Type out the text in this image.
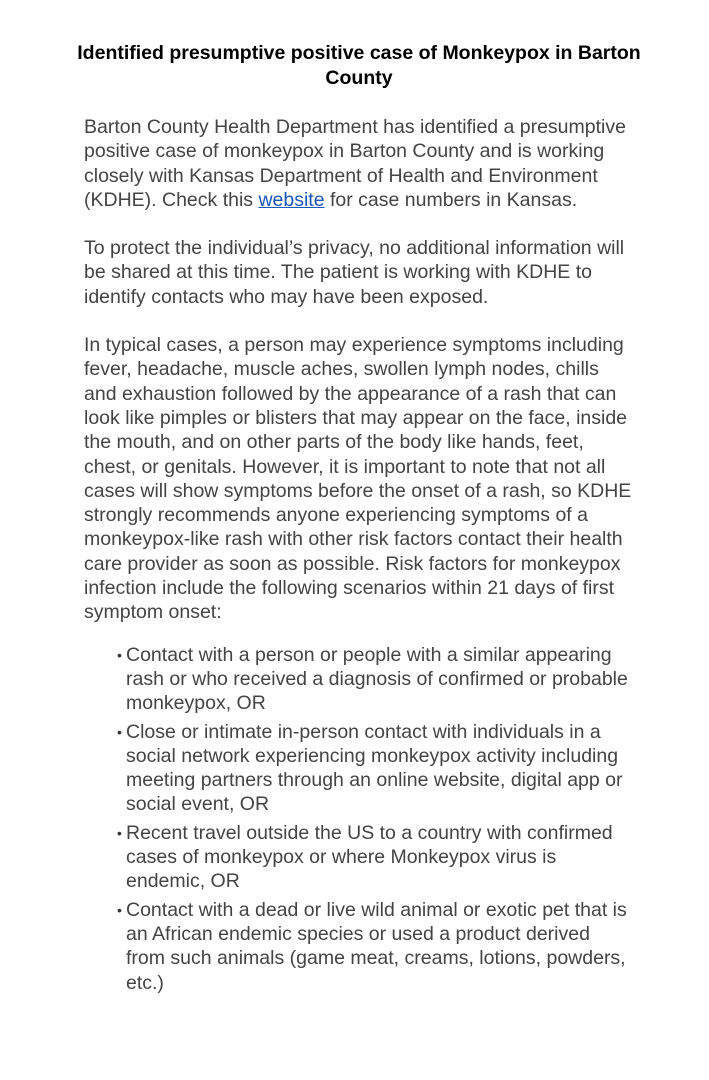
Identified presumptive positive case of Monkeypox in Barton County

Barton County Health Department has identified a presumptive positive case of monkeypox in Barton County and is working closely with Kansas Department of Health and Environment (KDHE). Check this website for case numbers in Kansas.

To protect the individual’s privacy, no additional information will be shared at this time. The patient is working with KDHE to identify contacts who may have been exposed.

In typical cases, a person may experience symptoms including fever, headache, muscle aches, swollen lymph nodes, chills and exhaustion followed by the appearance of a rash that can look like pimples or blisters that may appear on the face, inside the mouth, and on other parts of the body like hands, feet, chest, or genitals. However, it is important to note that not all cases will show symptoms before the onset of a rash, so KDHE strongly recommends anyone experiencing symptoms of a monkeypox-like rash with other risk factors contact their health care provider as soon as possible. Risk factors for monkeypox infection include the following scenarios within 21 days of first symptom onset:

• Contact with a person or people with a similar appearing rash or who received a diagnosis of confirmed or probable monkeypox, OR
• Close or intimate in-person contact with individuals in a social network experiencing monkeypox activity including meeting partners through an online website, digital app or social event, OR
• Recent travel outside the US to a country with confirmed cases of monkeypox or where Monkeypox virus is endemic, OR
• Contact with a dead or live wild animal or exotic pet that is an African endemic species or used a product derived from such animals (game meat, creams, lotions, powders, etc.)
